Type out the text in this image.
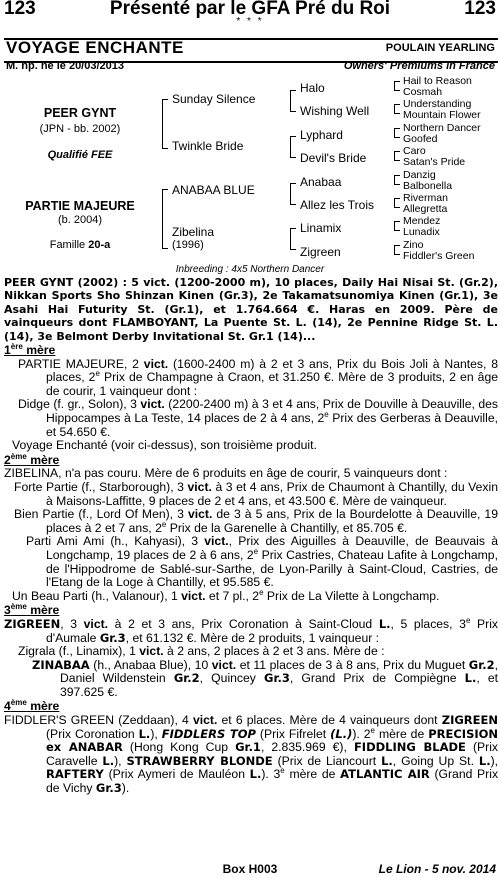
123	Présenté par le GFA Pré du Roi	123
* * *
VOYAGE ENCHANTE	POULAIN YEARLING
M. np. né le 20/03/2013	Owners' Premiums in France
PEER GYNT
(JPN - bb. 2002)
Qualifié FEE
PARTIE MAJEURE
(b. 2004)
Famille 20-a
Sunday Silence
Twinkle Bride
ANABAA BLUE
Zibelina
(1996)
Halo
Wishing Well
Lyphard
Devil's Bride
Anabaa
Allez les Trois
Linamix
Zigreen
Hail to Reason
Cosmah
Understanding
Mountain Flower
Northern Dancer
Goofed
Caro
Satan's Pride
Danzig
Balbonella
Riverman
Allegretta
Mendez
Lunadix
Zino
Fiddler's Green
Inbreeding : 4x5 Northern Dancer

PEER GYNT (2002) : 5 vict. (1200-2000 m), 10 places, Daily Hai Nisai St. (Gr.2), Nikkan Sports Sho Shinzan Kinen (Gr.3), 2e Takamatsunomiya Kinen (Gr.1), 3e Asahi Hai Futurity St. (Gr.1), et 1.764.664 €. Haras en 2009. Père de vainqueurs dont FLAMBOYANT, La Puente St. L. (14), 2e Pennine Ridge St. L. (14), 3e Belmont Derby Invitational St. Gr.1 (14)...

1ère mère

PARTIE MAJEURE, 2 vict. (1600-2400 m) à 2 et 3 ans, Prix du Bois Joli à Nantes, 8 places, 2e Prix de Champagne à Craon, et 31.250 €. Mère de 3 produits, 2 en âge de courir, 1 vainqueur dont :

Didge (f. gr., Solon), 3 vict. (2200-2400 m) à 3 et 4 ans, Prix de Douville à Deauville, des Hippocampes à La Teste, 14 places de 2 à 4 ans, 2e Prix des Gerberas à Deauville, et 54.650 €.

Voyage Enchanté (voir ci-dessus), son troisième produit.

2ème mère

ZIBELINA, n'a pas couru. Mère de 6 produits en âge de courir, 5 vainqueurs dont :

Forte Partie (f., Starborough), 3 vict. à 3 et 4 ans, Prix de Chaumont à Chantilly, du Vexin à Maisons-Laffitte, 9 places de 2 et 4 ans, et 43.500 €. Mère de vainqueur.

Bien Partie (f., Lord Of Men), 3 vict. de 3 à 5 ans, Prix de la Bourdelotte à Deauville, 19 places à 2 et 7 ans, 2e Prix de la Garenelle à Chantilly, et 85.705 €.

Parti Ami Ami (h., Kahyasi), 3 vict., Prix des Aiguilles à Deauville, de Beauvais à Longchamp, 19 places de 2 à 6 ans, 2e Prix Castries, Chateau Lafite à Longchamp, de l'Hippodrome de Sablé-sur-Sarthe, de Lyon-Parilly à Saint-Cloud, Castries, de l'Etang de la Loge à Chantilly, et 95.585 €.

Un Beau Parti (h., Valanour), 1 vict. et 7 pl., 2e Prix de La Vilette à Longchamp.

3ème mère

ZIGREEN, 3 vict. à 2 et 3 ans, Prix Coronation à Saint-Cloud L., 5 places, 3e Prix d'Aumale Gr.3, et 61.132 €. Mère de 2 produits, 1 vainqueur :

Zigrala (f., Linamix), 1 vict. à 2 ans, 2 places à 2 et 3 ans. Mère de :

ZINABAA (h., Anabaa Blue), 10 vict. et 11 places de 3 à 8 ans, Prix du Muguet Gr.2, Daniel Wildenstein Gr.2, Quincey Gr.3, Grand Prix de Compiègne L., et 397.625 €.

4ème mère

FIDDLER'S GREEN (Zeddaan), 4 vict. et 6 places. Mère de 4 vainqueurs dont ZIGREEN (Prix Coronation L.), FIDDLERS TOP (Prix Fifrelet (L.)). 2e mère de PRECISION ex ANABAR (Hong Kong Cup Gr.1, 2.835.969 €), FIDDLING BLADE (Prix Caravelle L.), STRAWBERRY BLONDE (Prix de Liancourt L., Going Up St. L.), RAFTERY (Prix Aymeri de Mauléon L.). 3e mère de ATLANTIC AIR (Grand Prix de Vichy Gr.3).

Box H003	Le Lion - 5 nov. 2014
